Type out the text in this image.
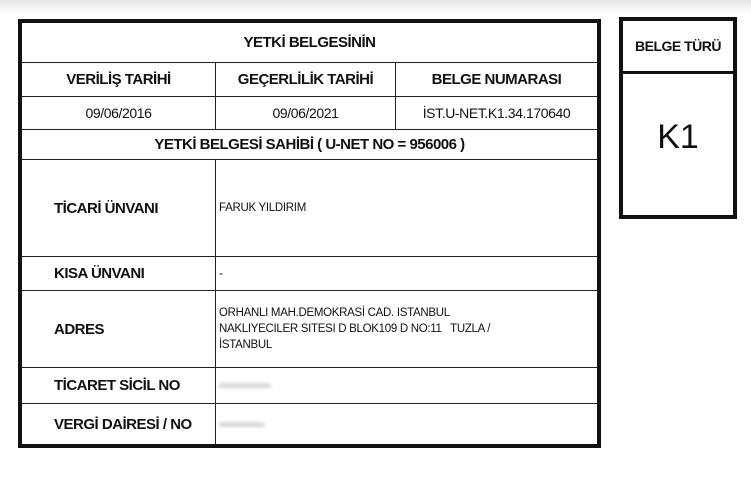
YETKİ BELGESİNİN
VERİLİŞ TARİHİ	GEÇERLİLİK TARİHİ	BELGE NUMARASI
09/06/2016	09/06/2021	İST.U-NET.K1.34.170640
YETKİ BELGESİ SAHİBİ ( U-NET NO = 956006 )
TİCARİ ÜNVANI	FARUK YILDIRIM
KISA ÜNVANI	-
ADRES
ORHANLI MAH.DEMOKRASİ CAD. ISTANBUL
NAKLIYECILER SITESI D BLOK109 D NO:11   TUZLA /
İSTANBUL
TİCARET SİCİL NO
VERGİ DAİRESİ / NO
BELGE TÜRÜ
K1
